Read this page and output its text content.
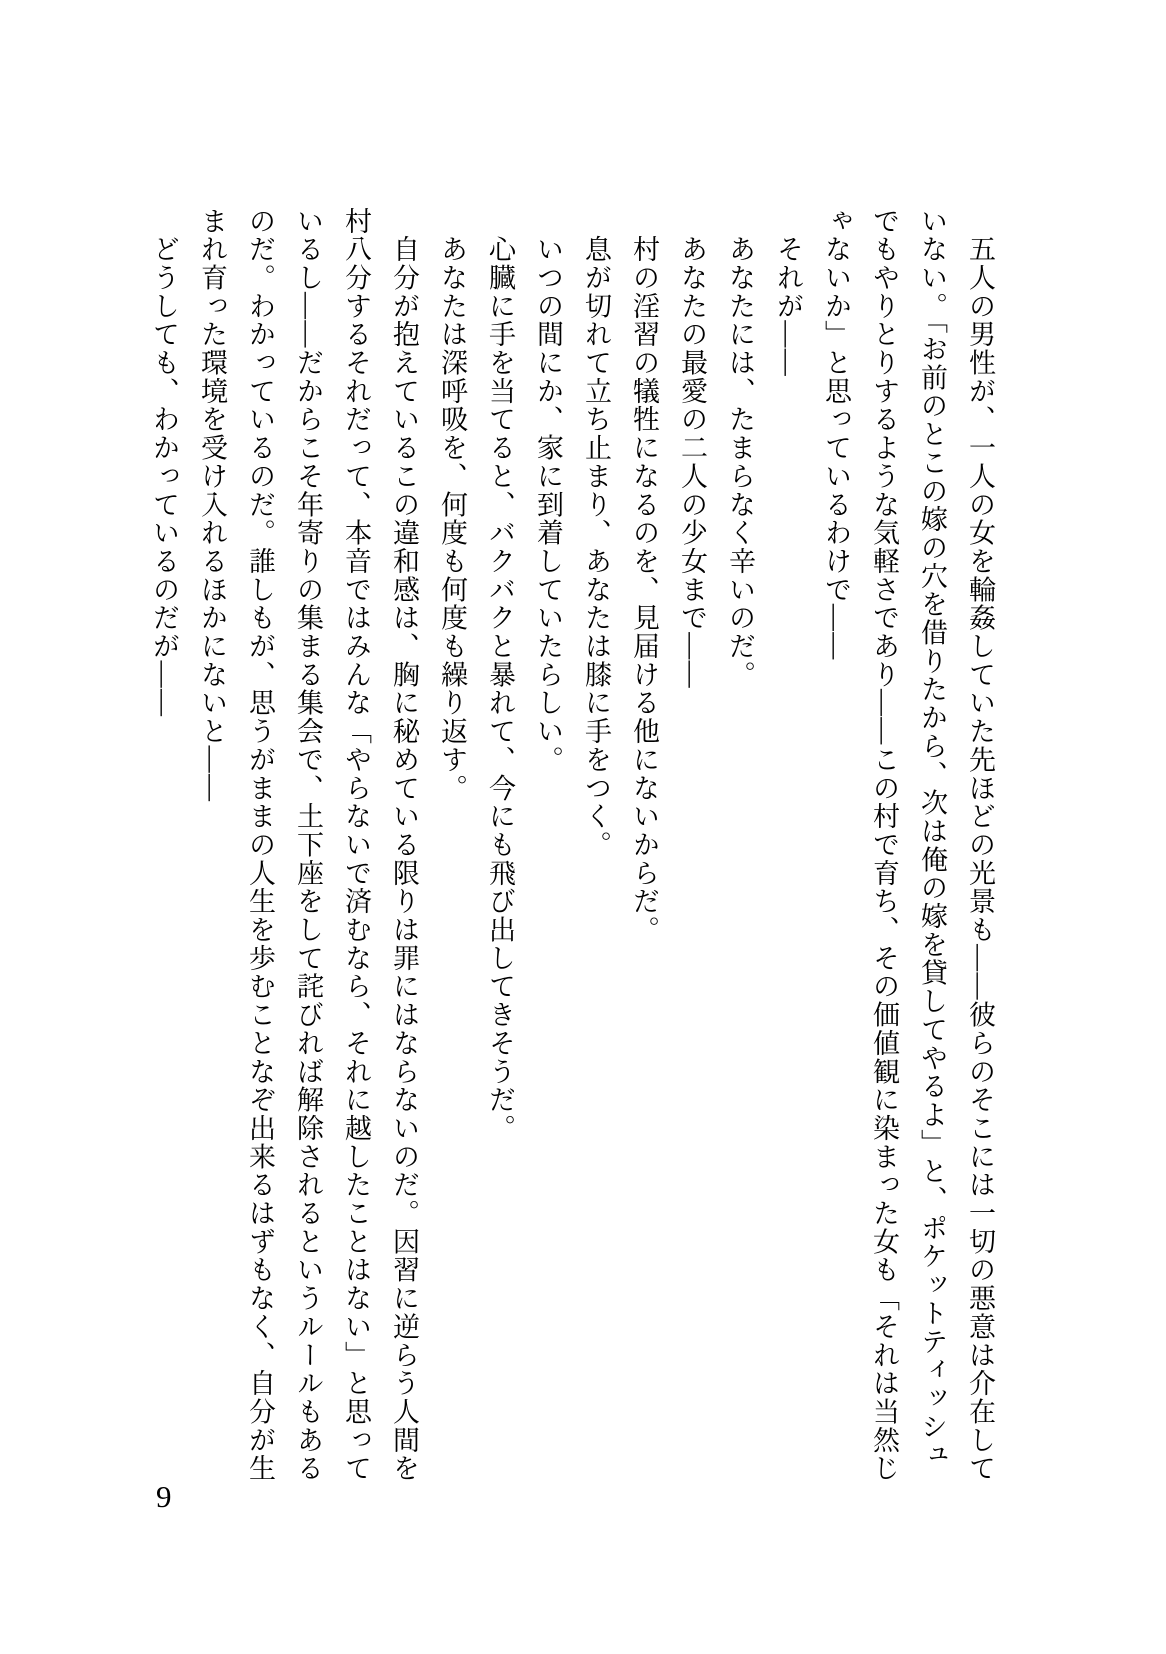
　五人の男性が、一人の女を輪姦していた先ほどの光景も――彼らのそこには一切の悪意は介在して

いない。「お前のとこの嫁の穴を借りたから、次は俺の嫁を貸してやるよ」と、ポケットティッシュ

でもやりとりするような気軽さであり――この村で育ち、その価値観に染まった女も「それは当然じ

ゃないか」と思っているわけで――

　それが――

　あなたには、たまらなく辛いのだ。

　あなたの最愛の二人の少女まで――

　村の淫習の犠牲になるのを、見届ける他にないからだ。

　息が切れて立ち止まり、あなたは膝に手をつく。

　いつの間にか、家に到着していたらしい。

　心臓に手を当てると、バクバクと暴れて、今にも飛び出してきそうだ。

　あなたは深呼吸を、何度も何度も繰り返す。

　自分が抱えているこの違和感は、胸に秘めている限りは罪にはならないのだ。因習に逆らう人間を

村八分するそれだって、本音ではみんな「やらないで済むなら、それに越したことはない」と思って

いるし――だからこそ年寄りの集まる集会で、土下座をして詫びれば解除されるというルールもある

のだ。わかっているのだ。誰しもが、思うがままの人生を歩むことなぞ出来るはずもなく、自分が生

まれ育った環境を受け入れるほかにないと――

　どうしても、わかっているのだが――

9
